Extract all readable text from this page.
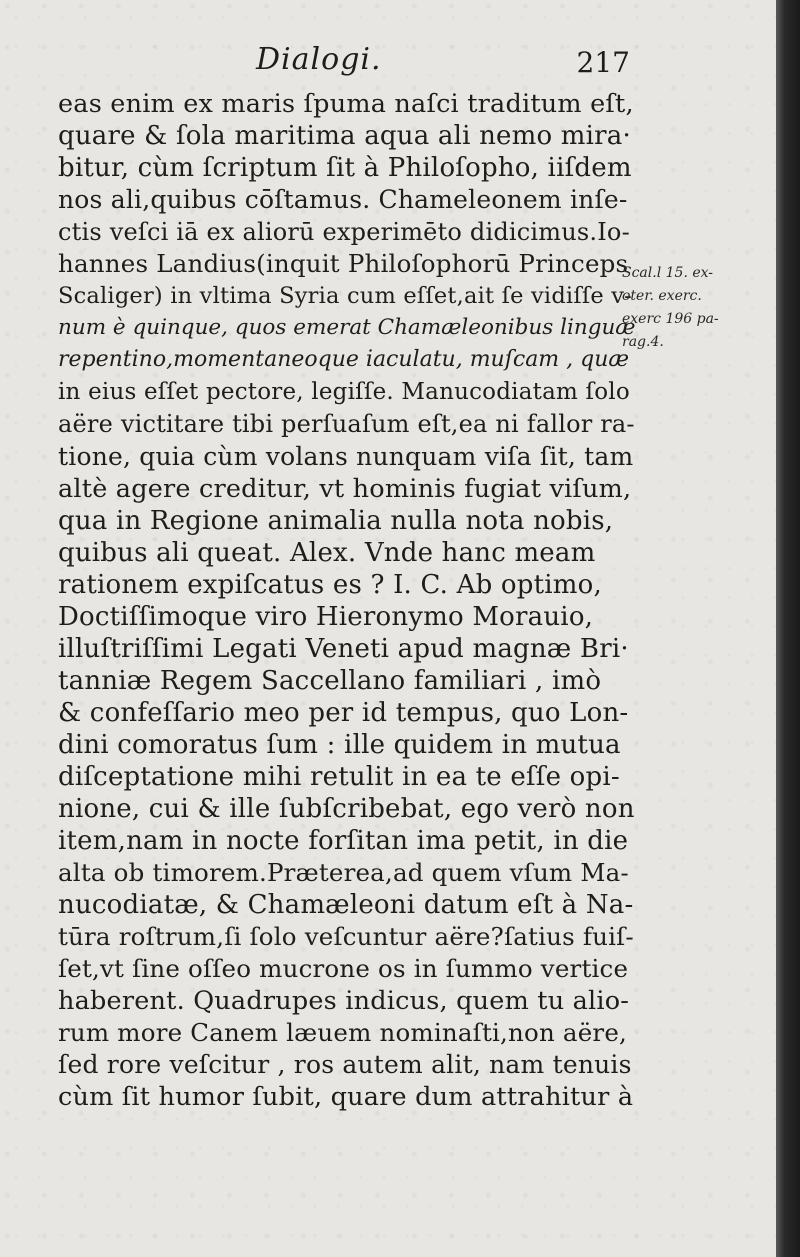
Dialogi.	217
eas enim ex maris ſpuma naſci traditum eſt,
quare & ſola maritima aqua ali nemo mira·
bitur, cùm ſcriptum ſit à Philoſopho, iiſdem
nos ali,quibus cōſtamus. Chameleonem inſe-
ctis veſci iā ex aliorū experimēto didicimus.Io-
hannes Landius(inquit Philoſophorū Princeps
Scaliger) in vltima Syria cum eſſet,ait ſe vidiſſe v-
num è quinque, quos emerat Chamæleonibus linguæ
repentino,momentaneoque iaculatu, muſcam , quæ
in eius eſſet pectore, legiſſe. Manucodiatam ſolo
aëre victitare tibi perſuaſum eſt,ea ni fallor ra-
tione, quia cùm volans nunquam viſa ſit, tam
altè agere creditur, vt hominis fugiat viſum,
qua in Regione animalia nulla nota nobis,
quibus ali queat. Alex. Vnde hanc meam
rationem expiſcatus es ? I. C. Ab optimo,
Doctiſſimoque viro Hieronymo Morauio,
illuſtriſſimi Legati Veneti apud magnæ Bri·
tanniæ Regem Saccellano familiari , imò
& confeſſario meo per id tempus, quo Lon-
dini comoratus ſum : ille quidem in mutua
diſceptatione mihi retulit in ea te eſſe opi-
nione, cui & ille ſubſcribebat, ego verò non
item,nam in nocte forſitan ima petit, in die
alta ob timorem.Præterea,ad quem vſum Ma-
nucodiatæ, & Chamæleoni datum eſt à Na-
tūra roſtrum,ſi ſolo veſcuntur aëre?ſatius fuiſ-
ſet,vt ſine oſſeo mucrone os in ſummo vertice
haberent. Quadrupes indicus, quem tu alio-
rum more Canem læuem nominaſti,non aëre,
ſed rore veſcitur , ros autem alit, nam tenuis
cùm ſit humor ſubit, quare dum attrahitur à
Scal.l 15. ex-
oter. exerc.
exerc 196 pa-
rag.4.
